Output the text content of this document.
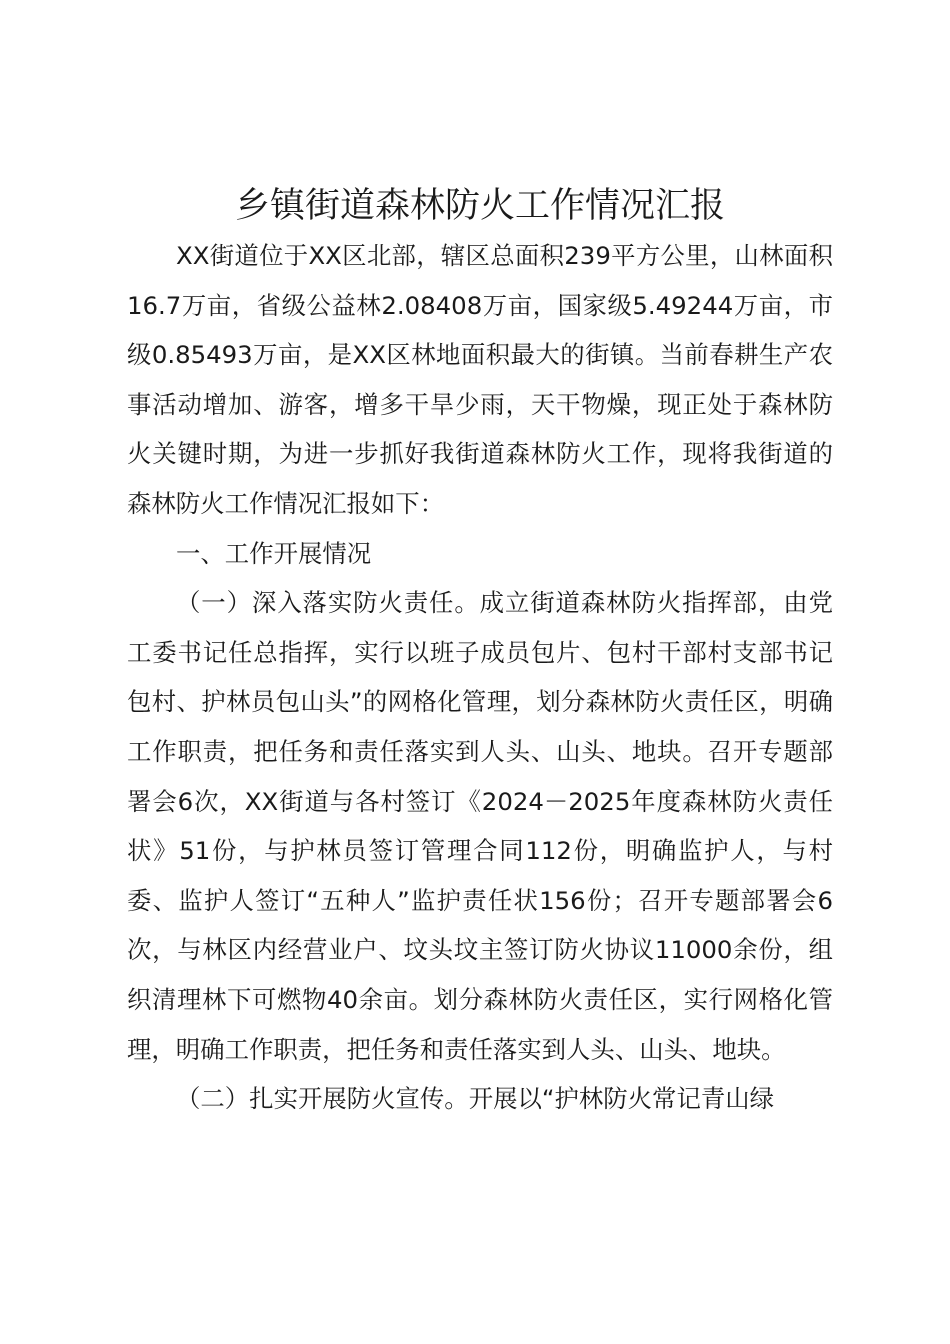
乡镇街道森林防火工作情况汇报

XX街道位于XX区北部，辖区总面积239平方公里，山林面积16.7万亩，省级公益林2.08408万亩，国家级5.49244万亩，市级0.85493万亩，是XX区林地面积最大的街镇。当前春耕生产农事活动增加、游客，增多干旱少雨，天干物燥，现正处于森林防火关键时期，为进一步抓好我街道森林防火工作，现将我街道的森林防火工作情况汇报如下：

一、工作开展情况

（一）深入落实防火责任。成立街道森林防火指挥部，由党工委书记任总指挥，实行以班子成员包片、包村干部村支部书记包村、护林员包山头”的网格化管理，划分森林防火责任区，明确工作职责，把任务和责任落实到人头、山头、地块。召开专题部署会6次，XX街道与各村签订《2024－2025年度森林防火责任状》51份，与护林员签订管理合同112份，明确监护人，与村委、监护人签订“五种人”监护责任状156份；召开专题部署会6次，与林区内经营业户、坟头坟主签订防火协议11000余份，组织清理林下可燃物40余亩。划分森林防火责任区，实行网格化管理，明确工作职责，把任务和责任落实到人头、山头、地块。

（二）扎实开展防火宣传。开展以“护林防火常记青山绿
